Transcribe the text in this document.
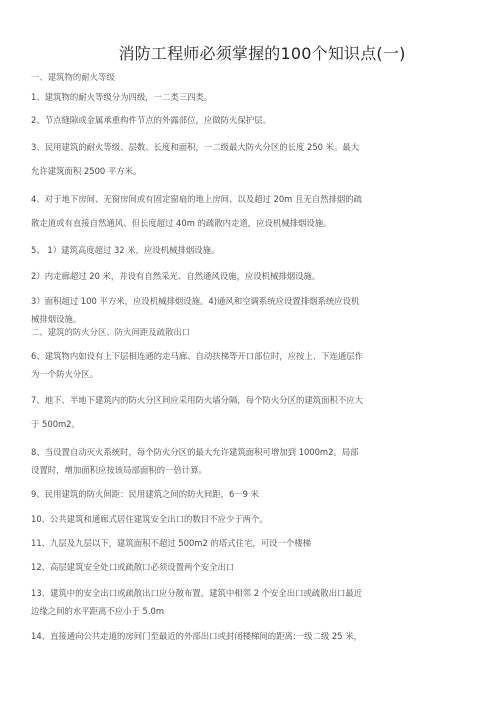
消防工程师必须掌握的100个知识点(一)
一、建筑物的耐火等级
1、建筑物的耐火等级分为四级，一二类三四类。
2、节点缝隙或金属承重构件节点的外露部位，应做防火保护层。
3、民用建筑的耐火等级、层数、长度和面积，一二级最大防火分区的长度 250 米。最大
允许建筑面积 2500 平方米。
4、对于地下房间、无窗房间或有固定窗扇的地上房间、以及超过 20m 且无自然排烟的疏
散走道或有直接自然通风、但长度超过 40m 的疏散内走道，应设机械排烟设施。
5、 1）建筑高度超过 32 米，应设机械排烟设施。
2）内走廊超过 20 米，并设有自然采光、自然通风设施，应设机械排烟设施。
3）面积超过 100 平方米，应设机械排烟设施。4)通风和空调系统应设置排烟系统应设机
械排烟设施。
二、建筑的防火分区、防火间距及疏散出口
6、建筑物内如设有上下层相连通的走马廊、自动扶梯等开口部位时，应按上、下连通层作
为一个防火分区。
7、地下、半地下建筑内的防火分区间应采用防火墙分隔，每个防火分区的建筑面积不应大
于 500m2。
8、当设置自动灭火系统时，每个防火分区的最大允许建筑面积可增加到 1000m2。局部
设置时，增加面积应按该局部面积的一倍计算。
9、民用建筑的防火间距：民用建筑之间的防火间距，6－9 米
10、公共建筑和通廊式居住建筑安全出口的数目不应少于两个。
11、九层及九层以下，建筑面积不超过 500m2 的塔式住宅，可设一个楼梯
12、高层建筑安全处口或疏散口必须设置两个安全出口
13、建筑中的安全出口或疏散出口应分散布置。建筑中相邻 2 个安全出口或疏散出口最近
边缘之间的水平距离不应小于 5.0m
14、直接通向公共走道的房间门至最近的外部出口或封闭楼梯间的距离:一级二级 25 米，
